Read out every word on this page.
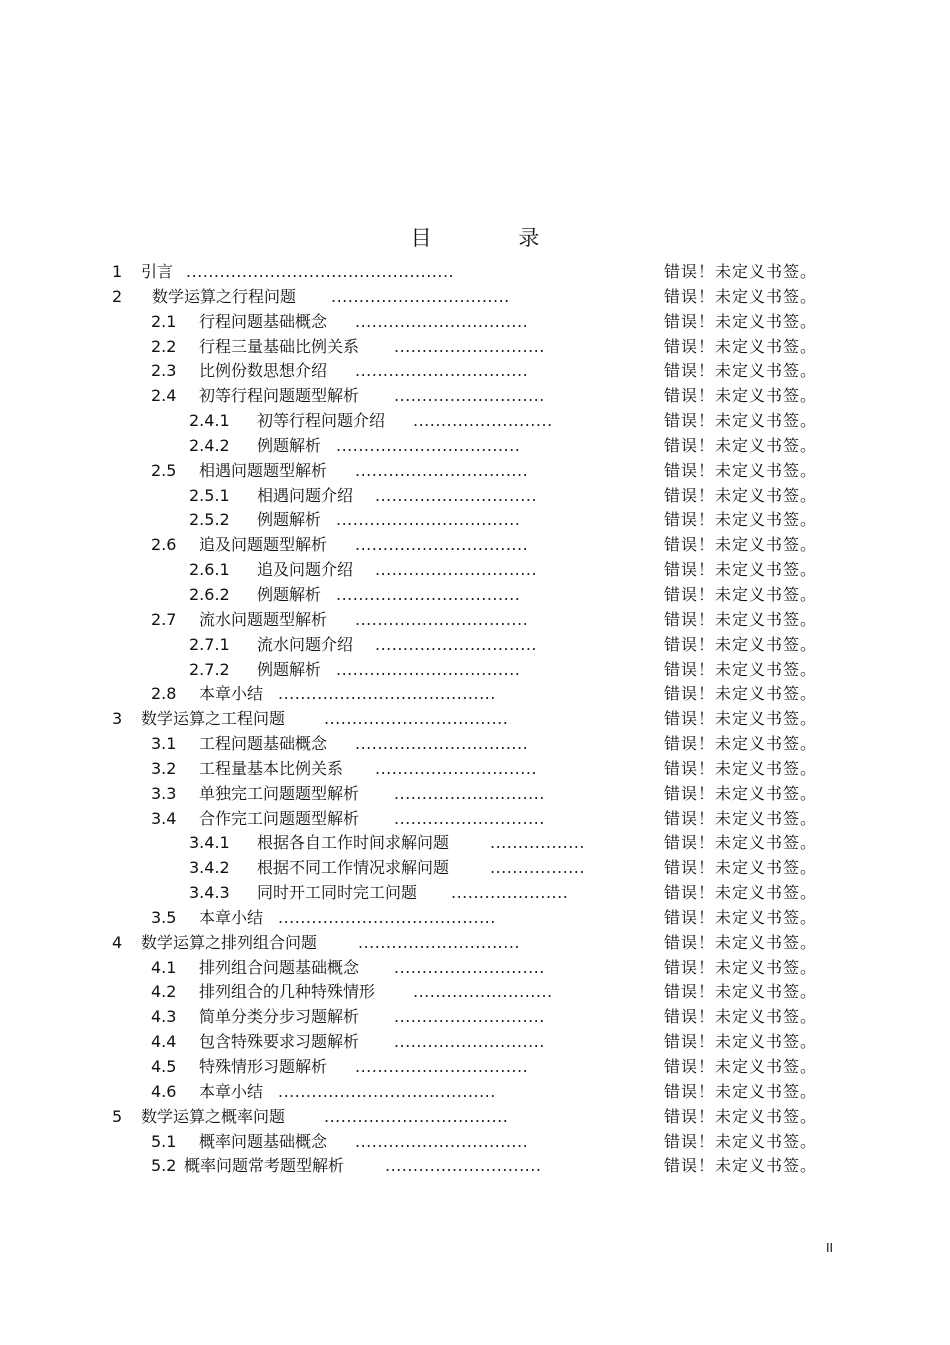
目 录
1 引言 ................................................	错误！未定义书签。
2 数学运算之行程问题 ................................	错误！未定义书签。
2.1 行程问题基础概念 ...............................	错误！未定义书签。
2.2 行程三量基础比例关系 ...........................	错误！未定义书签。
2.3 比例份数思想介绍 ...............................	错误！未定义书签。
2.4 初等行程问题题型解析 ...........................	错误！未定义书签。
2.4.1 初等行程问题介绍 .........................	错误！未定义书签。
2.4.2 例题解析 .................................	错误！未定义书签。
2.5 相遇问题题型解析 ...............................	错误！未定义书签。
2.5.1 相遇问题介绍 .............................	错误！未定义书签。
2.5.2 例题解析 .................................	错误！未定义书签。
2.6 追及问题题型解析 ...............................	错误！未定义书签。
2.6.1 追及问题介绍 .............................	错误！未定义书签。
2.6.2 例题解析 .................................	错误！未定义书签。
2.7 流水问题题型解析 ...............................	错误！未定义书签。
2.7.1 流水问题介绍 .............................	错误！未定义书签。
2.7.2 例题解析 .................................	错误！未定义书签。
2.8 本章小结 .......................................	错误！未定义书签。
3 数学运算之工程问题 .................................	错误！未定义书签。
3.1 工程问题基础概念 ...............................	错误！未定义书签。
3.2 工程量基本比例关系 .............................	错误！未定义书签。
3.3 单独完工问题题型解析 ...........................	错误！未定义书签。
3.4 合作完工问题题型解析 ...........................	错误！未定义书签。
3.4.1 根据各自工作时间求解问题	.................	错误！未定义书签。
3.4.2 根据不同工作情况求解问题	.................	错误！未定义书签。
3.4.3 同时开工同时完工问题 .....................	错误！未定义书签。
3.5 本章小结 .......................................	错误！未定义书签。
4 数学运算之排列组合问题	.............................	错误！未定义书签。
4.1 排列组合问题基础概念 ...........................	错误！未定义书签。
4.2 排列组合的几种特殊情形 .........................	错误！未定义书签。
4.3 简单分类分步习题解析 ...........................	错误！未定义书签。
4.4 包含特殊要求习题解析 ...........................	错误！未定义书签。
4.5 特殊情形习题解析 ...............................	错误！未定义书签。
4.6 本章小结 .......................................	错误！未定义书签。
5 数学运算之概率问题 .................................	错误！未定义书签。
5.1 概率问题基础概念 ...............................	错误！未定义书签。
5.2 概率问题常考题型解析	............................	错误！未定义书签。
II
